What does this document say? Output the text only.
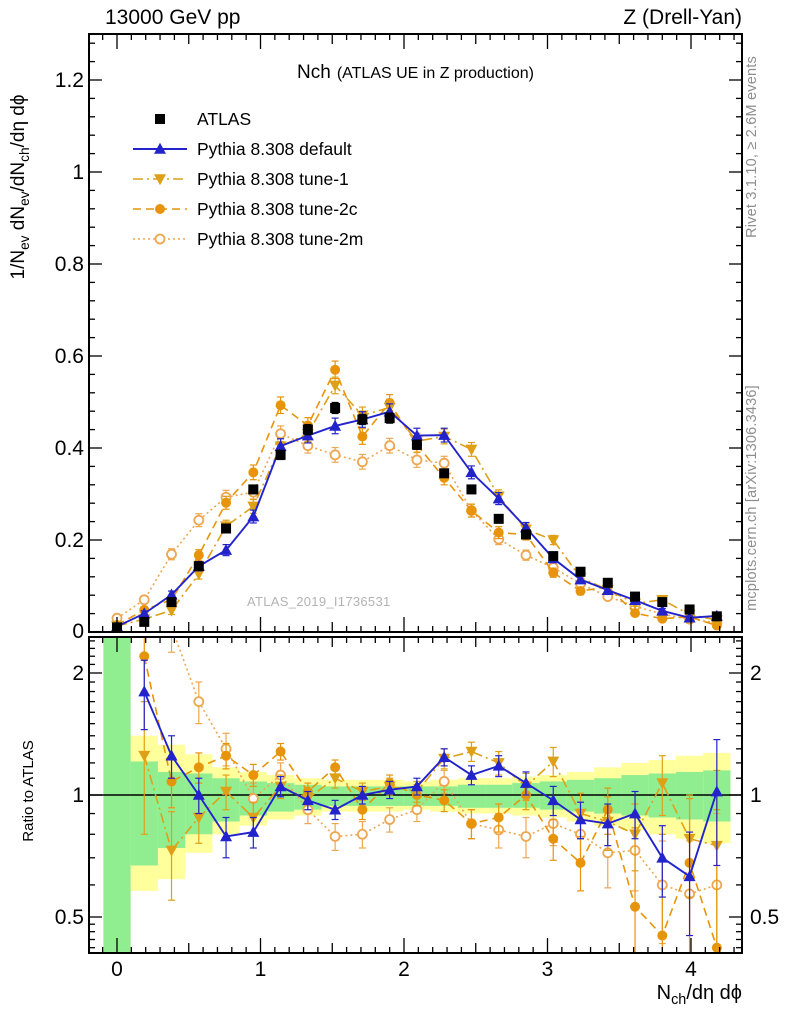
0	1	2	3	4
0
0.2
0.4
0.6
0.8
1
1.2
0.5	0.5
1	1
2	2
13000 GeV pp	Z (Drell-Yan)
Nch (ATLAS UE in Z production)
ATLAS
Pythia 8.308 default
Pythia 8.308 tune-1
Pythia 8.308 tune-2c
Pythia 8.308 tune-2m
$1/N_{ev}$ $dN_{ev}/dN_{ch}/d\eta$ dϕ
Ratio to ATLAS
Rivet 3.1.10, ≥ 2.6M events
mcplots.cern.ch [arXiv:1306.3436]
ATLAS_2019_I1736531
$N_{ch}/d\eta$ dϕ
